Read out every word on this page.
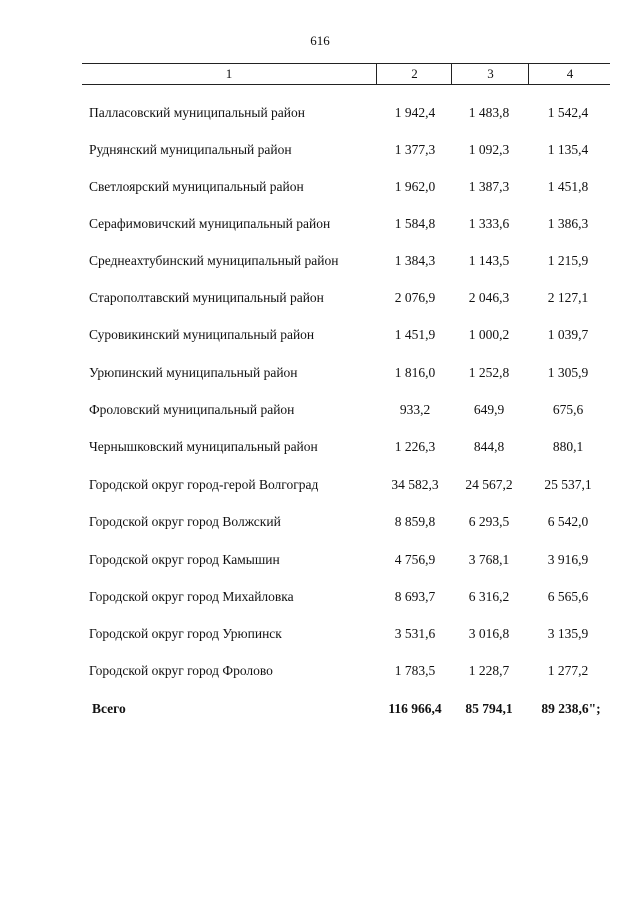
616
1	2	3	4
Палласовский муниципальный район	1 942,4	1 483,8	1 542,4
Руднянский муниципальный район	1 377,3	1 092,3	1 135,4
Светлоярский муниципальный район	1 962,0	1 387,3	1 451,8
Серафимовичский муниципальный район	1 584,8	1 333,6	1 386,3
Среднеахтубинский муниципальный район	1 384,3	1 143,5	1 215,9
Старополтавский муниципальный район	2 076,9	2 046,3	2 127,1
Суровикинский муниципальный район	1 451,9	1 000,2	1 039,7
Урюпинский муниципальный район	1 816,0	1 252,8	1 305,9
Фроловский муниципальный район	933,2	649,9	675,6
Чернышковский муниципальный район	1 226,3	844,8	880,1
Городской округ город-герой Волгоград	34 582,3	24 567,2	25 537,1
Городской округ город Волжский	8 859,8	6 293,5	6 542,0
Городской округ город Камышин	4 756,9	3 768,1	3 916,9
Городской округ город Михайловка	8 693,7	6 316,2	6 565,6
Городской округ город Урюпинск	3 531,6	3 016,8	3 135,9
Городской округ город Фролово	1 783,5	1 228,7	1 277,2
Всего	116 966,4	85 794,1	89 238,6";
